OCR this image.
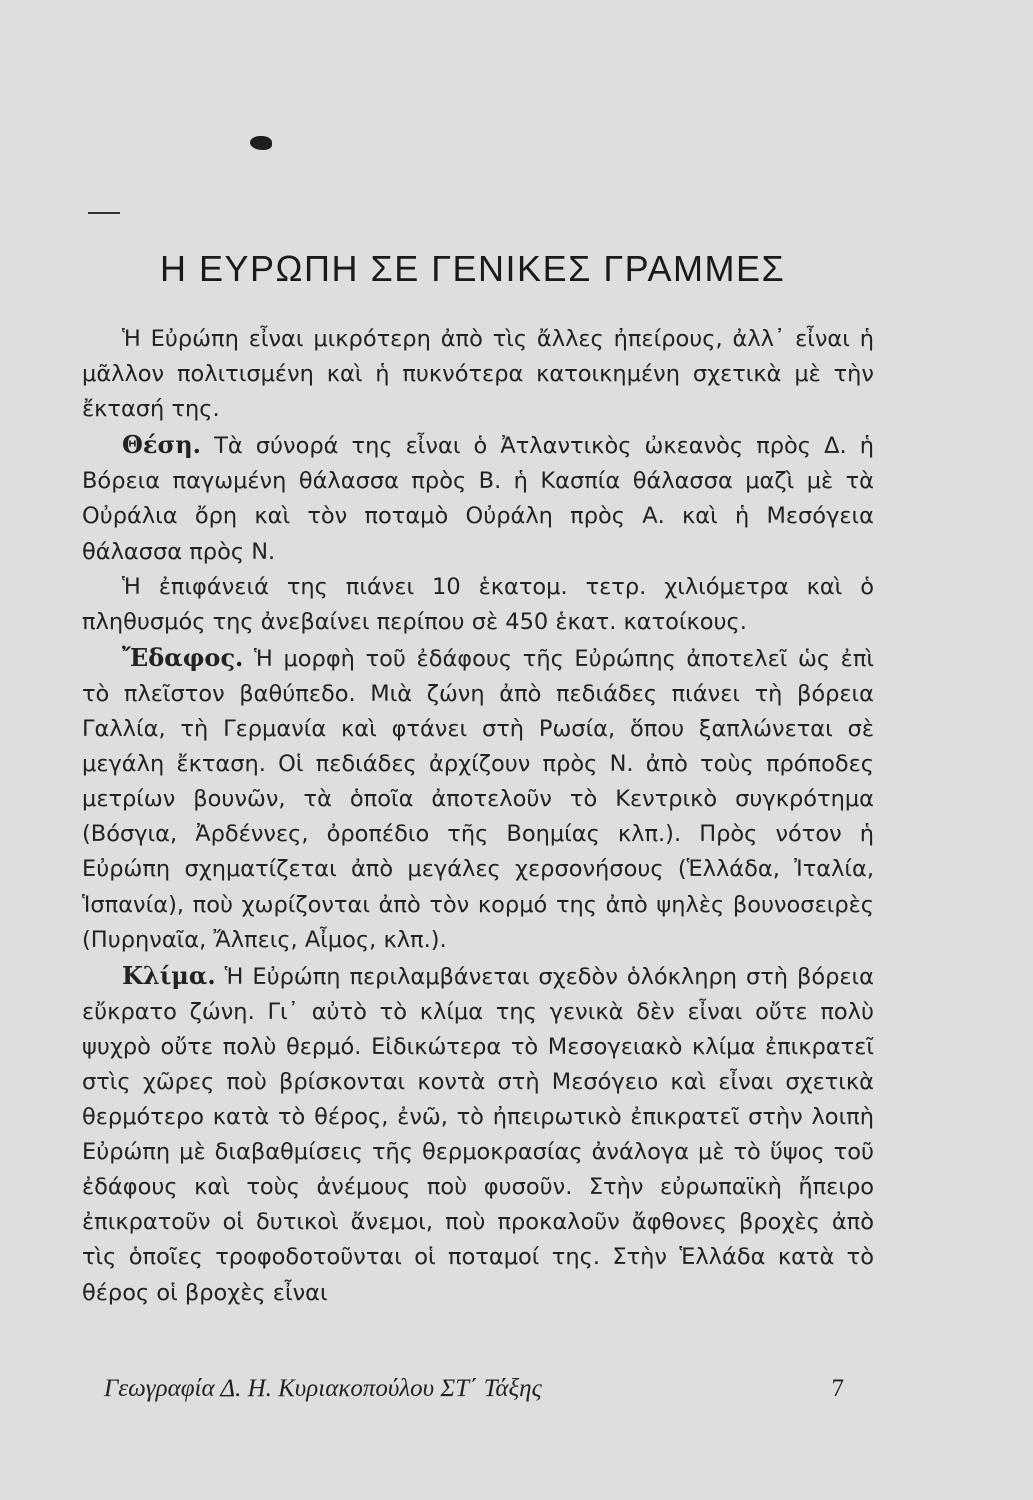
Η ΕΥΡΩΠΗ ΣΕ ΓΕΝΙΚΕΣ ΓΡΑΜΜΕΣ

Ἡ Εὐρώπη εἶναι μικρότερη ἀπὸ τὶς ἄλλες ἠπείρους, ἀλλ᾿ εἶναι ἡ μᾶλλον πολιτισμένη καὶ ἡ πυκνότερα κατοικημένη σχετικὰ μὲ τὴν ἔκτασή της.

Θέση. Τὰ σύνορά της εἶναι ὁ Ἀτλαντικὸς ὠκεανὸς πρὸς Δ. ἡ Βόρεια παγωμένη θάλασσα πρὸς Β. ἡ Κασπία θάλασσα μαζὶ μὲ τὰ Οὐράλια ὄρη καὶ τὸν ποταμὸ Οὐράλη πρὸς Α. καὶ ἡ Μεσόγεια θάλασσα πρὸς Ν.

Ἡ ἐπιφάνειά της πιάνει 10 ἑκατομ. τετρ. χιλιόμετρα καὶ ὁ πληθυσμός της ἀνεβαίνει περίπου σὲ 450 ἑκατ. κατοίκους.

Ἔδαφος. Ἡ μορφὴ τοῦ ἐδάφους τῆς Εὐρώπης ἀποτελεῖ ὡς ἐπὶ τὸ πλεῖστον βαθύπεδο. Μιὰ ζώνη ἀπὸ πεδιάδες πιάνει τὴ βόρεια Γαλλία, τὴ Γερμανία καὶ φτάνει στὴ Ρωσία, ὅπου ξαπλώνεται σὲ μεγάλη ἔκταση. Οἱ πεδιάδες ἀρχίζουν πρὸς Ν. ἀπὸ τοὺς πρόποδες μετρίων βουνῶν, τὰ ὁποῖα ἀποτελοῦν τὸ Κεντρικὸ συγκρότημα (Βόσγια, Ἀρδέννες, ὀροπέδιο τῆς Βοημίας κλπ.). Πρὸς νότον ἡ Εὐρώπη σχηματίζεται ἀπὸ μεγάλες χερσονήσους (Ἑλλάδα, Ἰταλία, Ἱσπανία), ποὺ χωρίζονται ἀπὸ τὸν κορμό της ἀπὸ ψηλὲς βουνοσειρὲς (Πυρηναῖα, Ἄλπεις, Αἶμος, κλπ.).

Κλίμα. Ἡ Εὐρώπη περιλαμβάνεται σχεδὸν ὁλόκληρη στὴ βόρεια εὔκρατο ζώνη. Γι᾿ αὐτὸ τὸ κλίμα της γενικὰ δὲν εἶναι οὔτε πολὺ ψυχρὸ οὔτε πολὺ θερμό. Εἰδικώτερα τὸ Μεσογειακὸ κλίμα ἐπικρατεῖ στὶς χῶρες ποὺ βρίσκονται κοντὰ στὴ Μεσόγειο καὶ εἶναι σχετικὰ θερμότερο κατὰ τὸ θέρος, ἐνῶ, τὸ ἠπειρωτικὸ ἐπικρατεῖ στὴν λοιπὴ Εὐρώπη μὲ διαβαθμίσεις τῆς θερμοκρασίας ἀνάλογα μὲ τὸ ὕψος τοῦ ἐδάφους καὶ τοὺς ἀνέμους ποὺ φυσοῦν. Στὴν εὐρωπαϊκὴ ἤπειρο ἐπικρατοῦν οἱ δυτικοὶ ἄνεμοι, ποὺ προκαλοῦν ἄφθονες βροχὲς ἀπὸ τὶς ὁποῖες τροφοδοτοῦνται οἱ ποταμοί της. Στὴν Ἑλλάδα κατὰ τὸ θέρος οἱ βροχὲς εἶναι

Γεωγραφία Δ. Η. Κυριακοπούλου ΣΤ΄ Τάξης	7
